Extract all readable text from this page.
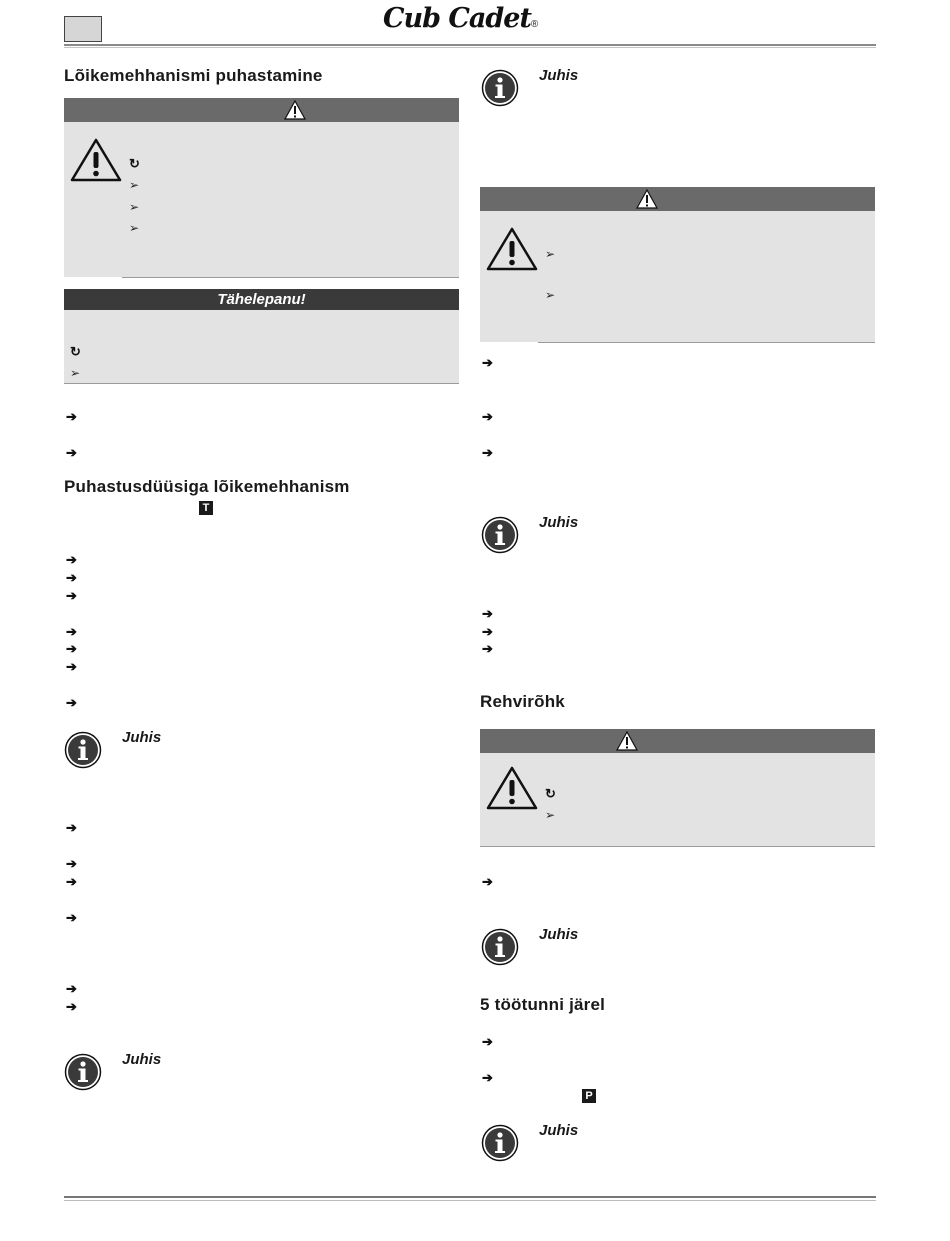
Cub Cadet®
Lõikemehhanismi puhastamine
↻
➢
➢
➢
Tähelepanu!
↻
➢
➔
➔
Puhastusdüüsiga lõikemehhanism
T
➔
➔
➔
➔
➔
➔
➔
Juhis
➔
➔
➔
➔
➔
➔
Juhis
Juhis
➢
➢
➔
➔
➔
Juhis
➔
➔
➔
Rehvirõhk
↻
➢
➔
Juhis
5 töötunni järel
➔
➔
P
Juhis
